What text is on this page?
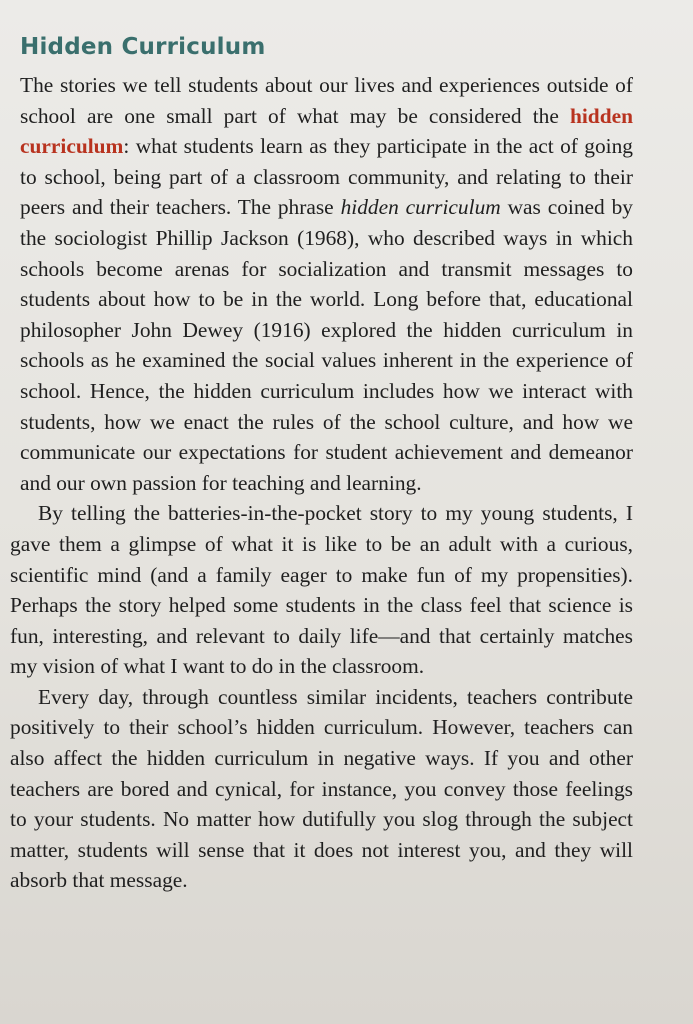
Hidden Curriculum

The stories we tell students about our lives and experiences outside of school are one small part of what may be considered the hidden curriculum: what students learn as they participate in the act of going to school, being part of a classroom community, and relating to their peers and their teachers. The phrase hidden curriculum was coined by the sociologist Phillip Jackson (1968), who described ways in which schools become arenas for socialization and transmit messages to students about how to be in the world. Long before that, educational philosopher John Dewey (1916) explored the hidden curriculum in schools as he examined the social values inherent in the experience of school. Hence, the hidden curriculum includes how we interact with students, how we enact the rules of the school culture, and how we communicate our expectations for student achievement and demeanor and our own passion for teaching and learning.

By telling the batteries-in-the-pocket story to my young students, I gave them a glimpse of what it is like to be an adult with a curious, scientific mind (and a family eager to make fun of my propensities). Perhaps the story helped some students in the class feel that science is fun, interesting, and relevant to daily life—and that certainly matches my vision of what I want to do in the classroom.

Every day, through countless similar incidents, teachers contribute positively to their school’s hidden curriculum. However, teachers can also affect the hidden curriculum in negative ways. If you and other teachers are bored and cynical, for instance, you convey those feelings to your students. No matter how dutifully you slog through the subject matter, students will sense that it does not interest you, and they will absorb that message.
